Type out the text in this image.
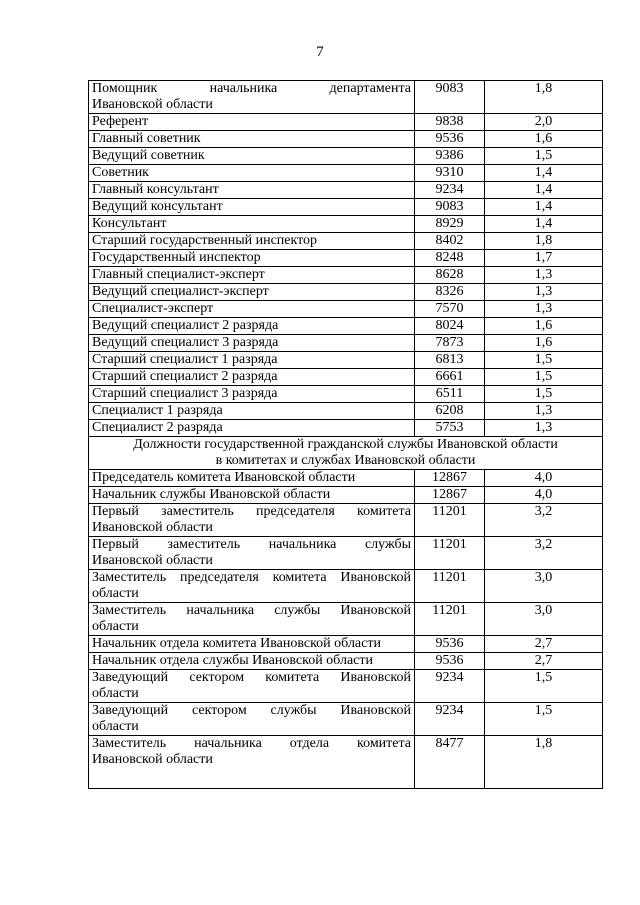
7
Помощник начальника департамента
Ивановской области	9083	1,8

Референт	9838	2,0

Главный советник	9536	1,6

Ведущий советник	9386	1,5

Советник	9310	1,4

Главный консультант	9234	1,4

Ведущий консультант	9083	1,4

Консультант	8929	1,4

Старший государственный инспектор	8402	1,8

Государственный инспектор	8248	1,7

Главный специалист-эксперт	8628	1,3

Ведущий специалист-эксперт	8326	1,3

Специалист-эксперт	7570	1,3

Ведущий специалист 2 разряда	8024	1,6

Ведущий специалист 3 разряда	7873	1,6

Старший специалист 1 разряда	6813	1,5

Старший специалист 2 разряда	6661	1,5

Старший специалист 3 разряда	6511	1,5

Специалист 1 разряда	6208	1,3

Специалист 2 разряда	5753	1,3

Должности государственной гражданской службы Ивановской области
в комитетах и службах Ивановской области		

Председатель комитета Ивановской области	12867	4,0

Начальник службы Ивановской области	12867	4,0

Первый заместитель председателя комитета
Ивановской области	11201	3,2

Первый заместитель начальника службы
Ивановской области	11201	3,2

Заместитель председателя комитета Ивановской
области	11201	3,0

Заместитель начальника службы Ивановской
области	11201	3,0

Начальник отдела комитета Ивановской области	9536	2,7

Начальник отдела службы Ивановской области	9536	2,7

Заведующий сектором комитета Ивановской
области	9234	1,5

Заведующий сектором службы Ивановской
области	9234	1,5

Заместитель начальника отдела комитета
Ивановской области	8477	1,8
